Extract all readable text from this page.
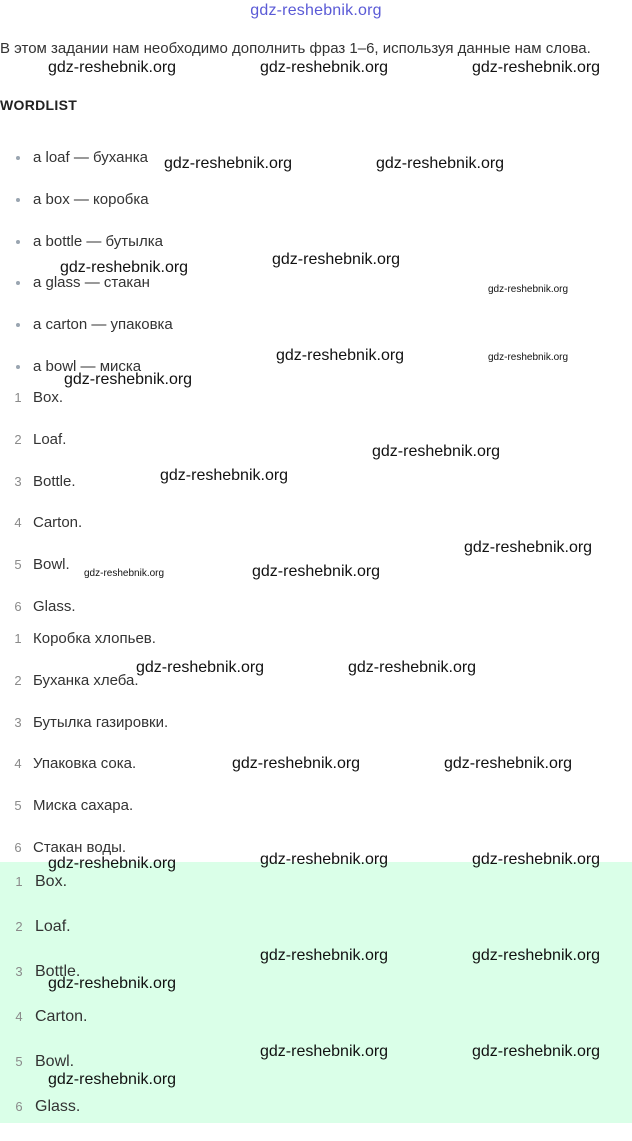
gdz-reshebnik.org
В этом задании нам необходимо дополнить фраз 1–6, используя данные нам слова.
WORDLIST
a loaf — буханка
a box — коробка
a bottle — бутылка
a glass — стакан
a carton — упаковка
a bowl — миска
1 Box.
2 Loaf.
3 Bottle.
4 Carton.
5 Bowl.
6 Glass.
1 Коробка хлопьев.
2 Буханка хлеба.
3 Бутылка газировки.
4 Упаковка сока.
5 Миска сахара.
6 Стакан воды.
1 Box.
2 Loaf.
3 Bottle.
4 Carton.
5 Bowl.
6 Glass.
gdz-reshebnik.org	gdz-reshebnik.org	gdz-reshebnik.org
gdz-reshebnik.org	gdz-reshebnik.org
gdz-reshebnik.org	gdz-reshebnik.org
gdz-reshebnik.org
gdz-reshebnik.org	gdz-reshebnik.org
gdz-reshebnik.org
gdz-reshebnik.org
gdz-reshebnik.org
gdz-reshebnik.org
gdz-reshebnik.org	gdz-reshebnik.org
gdz-reshebnik.org	gdz-reshebnik.org
gdz-reshebnik.org	gdz-reshebnik.org
gdz-reshebnik.org	gdz-reshebnik.org	gdz-reshebnik.org
gdz-reshebnik.org	gdz-reshebnik.org
gdz-reshebnik.org
gdz-reshebnik.org	gdz-reshebnik.org
gdz-reshebnik.org
